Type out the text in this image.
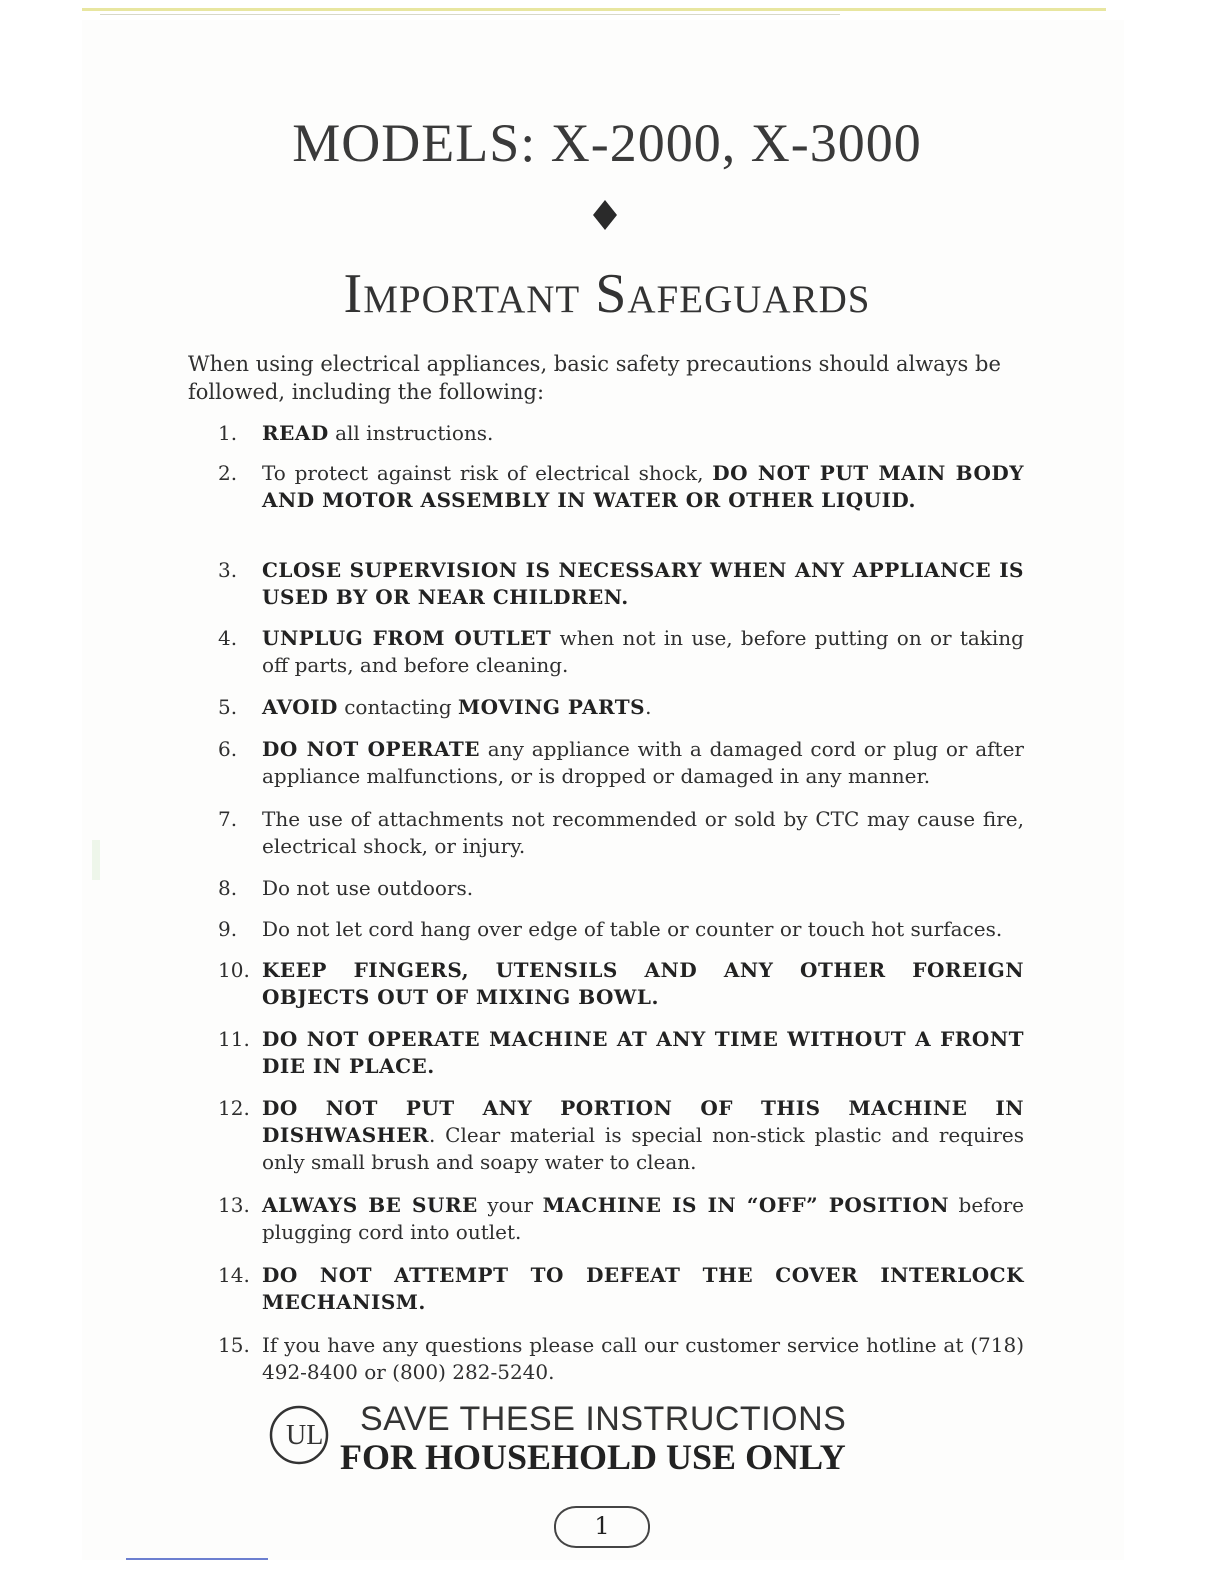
MODELS: X-2000, X-3000
Important Safeguards
When using electrical appliances, basic safety precautions should always be followed, including the following:
1.	READ all instructions.
2.	To protect against risk of electrical shock, DO NOT PUT MAIN BODY AND MOTOR ASSEMBLY IN WATER OR OTHER LIQUID.
3.	CLOSE SUPERVISION IS NECESSARY WHEN ANY APPLIANCE IS USED BY OR NEAR CHILDREN.
4.	UNPLUG FROM OUTLET when not in use, before putting on or taking off parts, and before cleaning.
5.	AVOID contacting MOVING PARTS.
6.	DO NOT OPERATE any appliance with a damaged cord or plug or after appliance malfunctions, or is dropped or damaged in any manner.
7.	The use of attachments not recommended or sold by CTC may cause fire, electrical shock, or injury.
8.	Do not use outdoors.
9.	Do not let cord hang over edge of table or counter or touch hot surfaces.
10. KEEP FINGERS, UTENSILS AND ANY OTHER FOREIGN OBJECTS OUT OF MIXING BOWL.
11. DO NOT OPERATE MACHINE AT ANY TIME WITHOUT A FRONT DIE IN PLACE.
12. DO NOT PUT ANY PORTION OF THIS MACHINE IN DISHWASHER. Clear material is special non-stick plastic and requires only small brush and soapy water to clean.
13. ALWAYS BE SURE your MACHINE IS IN “OFF” POSITION before plugging cord into outlet.
14. DO NOT ATTEMPT TO DEFEAT THE COVER INTERLOCK MECHANISM.
15. If you have any questions please call our customer service hotline at (718) 492-8400 or (800) 282-5240.
UL SAVE THESE INSTRUCTIONS
FOR HOUSEHOLD USE ONLY
1
